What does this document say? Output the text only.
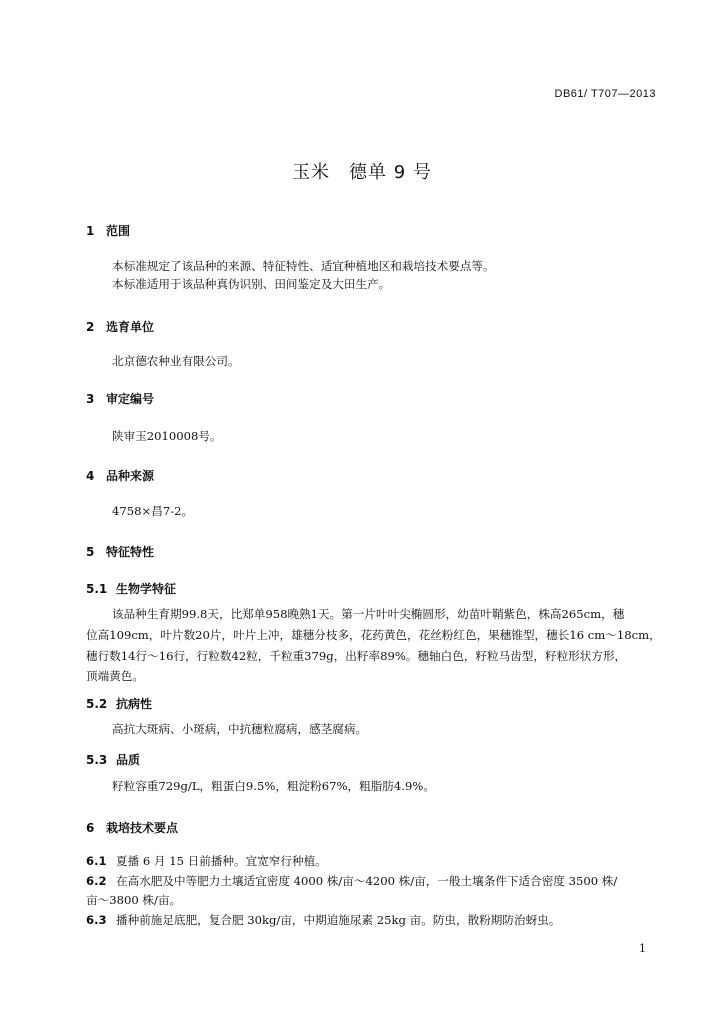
DB61/ T707—2013
玉米　德单 9 号
1 范围
本标准规定了该品种的来源、特征特性、适宜种植地区和栽培技术要点等。
本标准适用于该品种真伪识别、田间鉴定及大田生产。
2 选育单位
北京德农种业有限公司。
3 审定编号
陕审玉2010008号。
4 品种来源
4758×昌7-2。
5 特征特性
5.1 生物学特征
该品种生育期99.8天，比郑单958晚熟1天。第一片叶叶尖椭圆形，幼苗叶鞘紫色，株高265cm，穗
位高109cm，叶片数20片，叶片上冲，雄穗分枝多，花药黄色，花丝粉红色，果穗锥型，穗长16 cm～18cm，
穗行数14行～16行，行粒数42粒，千粒重379g，出籽率89%。穗轴白色，籽粒马齿型，籽粒形状方形，
顶端黄色。
5.2 抗病性
高抗大斑病、小斑病，中抗穗粒腐病，感茎腐病。
5.3 品质
籽粒容重729g/L，粗蛋白9.5%，粗淀粉67%，粗脂肪4.9%。
6 栽培技术要点
6.1 夏播 6 月 15 日前播种。宜宽窄行种植。
6.2 在高水肥及中等肥力土壤适宜密度 4000 株/亩～4200 株/亩，一般土壤条件下适合密度 3500 株/
亩～3800 株/亩。
6.3 播种前施足底肥，复合肥 30kg/亩，中期追施尿素 25kg 亩。防虫，散粉期防治蚜虫。
1
